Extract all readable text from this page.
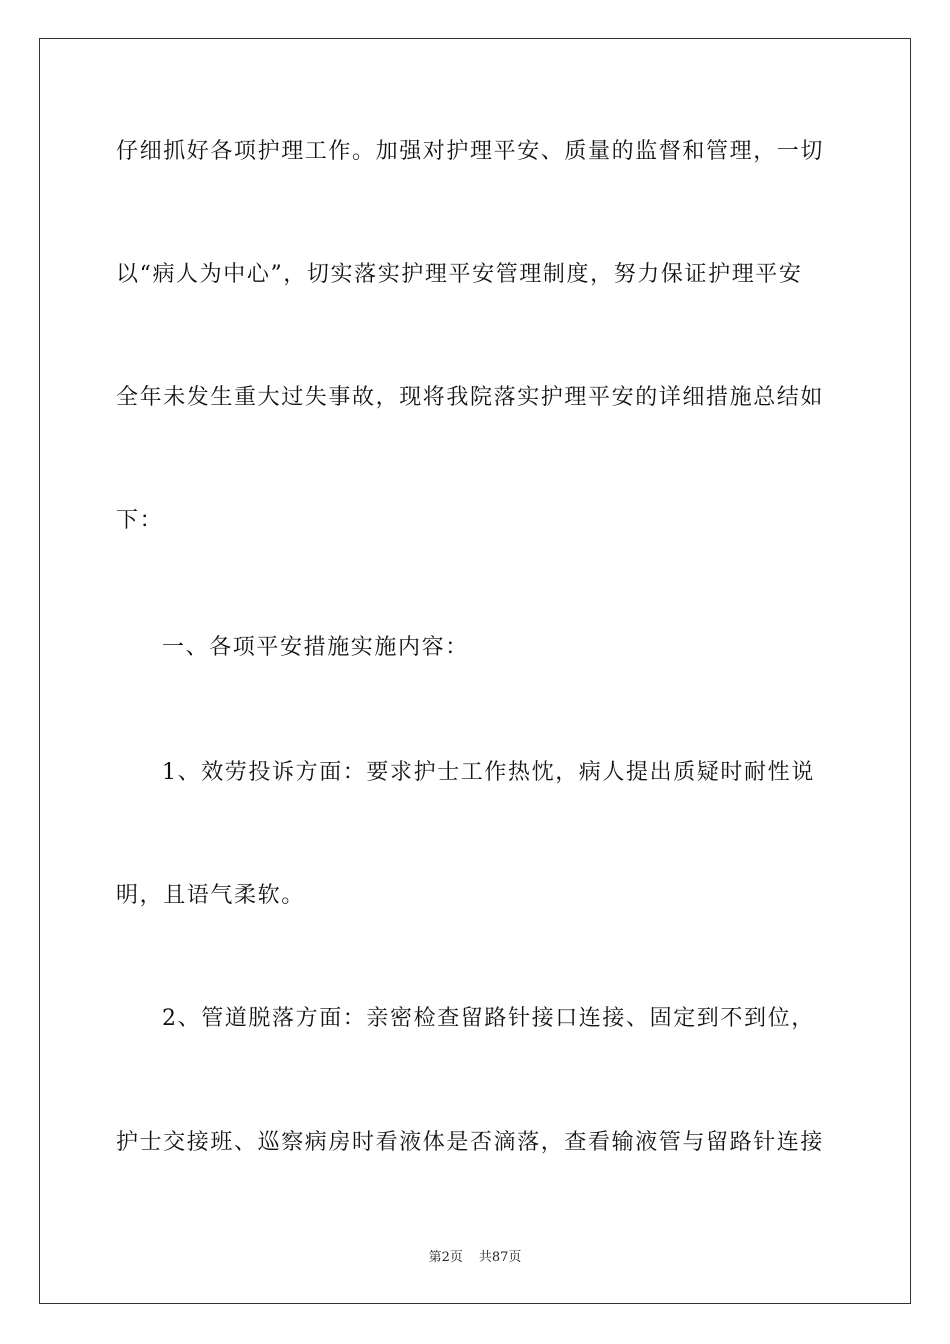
仔细抓好各项护理工作。加强对护理平安、质量的监督和管理，一切
以“病人为中心”，切实落实护理平安管理制度，努力保证护理平安
全年未发生重大过失事故，现将我院落实护理平安的详细措施总结如
下：
一、各项平安措施实施内容：
1、效劳投诉方面：要求护士工作热忱，病人提出质疑时耐性说
明，且语气柔软。
2、管道脱落方面：亲密检查留路针接口连接、固定到不到位，
护士交接班、巡察病房时看液体是否滴落，查看输液管与留路针连接
第2页 共87页
